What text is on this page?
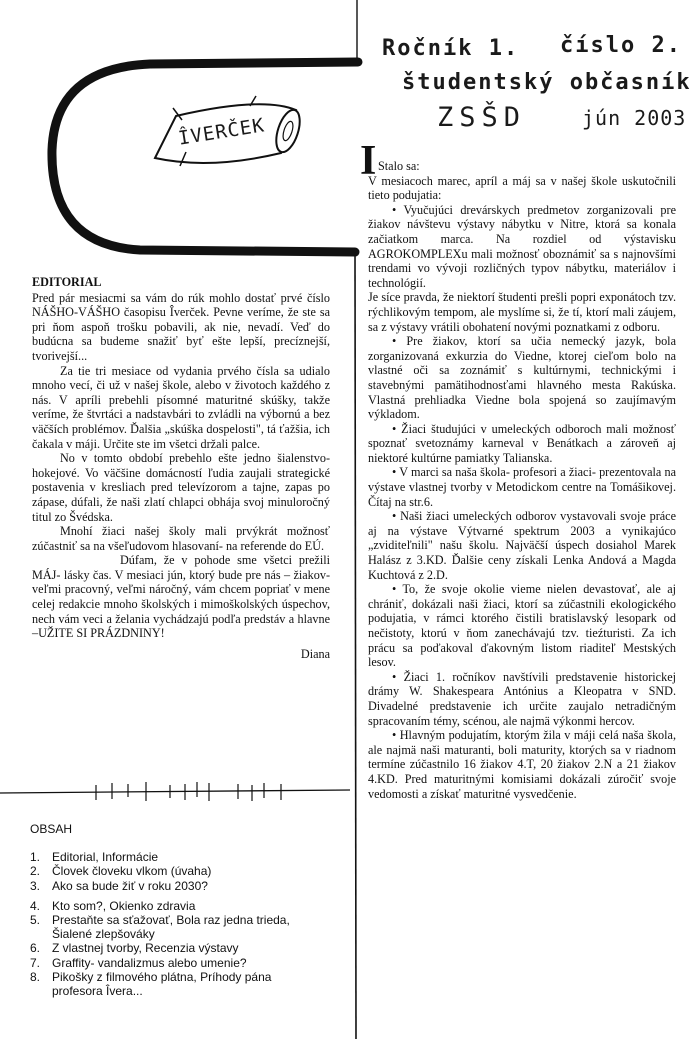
ÎVERČEK
Ročník 1. číslo 2.
študentský občasník
ZSŠD	jún 2003

EDITORIAL

Pred pár mesiacmi sa vám do rúk mohlo dostať prvé číslo NÁŠHO-VÁŠHO časopisu Îverček. Pevne veríme, že ste sa pri ňom aspoň trošku pobavili, ak nie, nevadí. Veď do budúcna sa budeme snažiť byť ešte lepší, precíznejší, tvorivejší...

Za tie tri mesiace od vydania prvého čísla sa udialo mnoho vecí, či už v našej škole, alebo v životoch každého z nás. V apríli prebehli písomné maturitné skúšky, takže veríme, že štvrtáci a nadstavbári to zvládli na výbornú a bez väčších problémov. Ďalšia „skúška dospelosti", tá ťažšia, ich čakala v máji. Určite ste im všetci držali palce.

No v tomto období prebehlo ešte jedno šialenstvo- hokejové. Vo väčšine domácností ľudia zaujali strategické postavenia v kresliach pred televízorom a tajne, zapas po zápase, dúfali, že naši zlatí chlapci obhája svoj minuloročný titul zo Švédska.

Mnohí žiaci našej školy mali prvýkrát možnosť zúčastniť sa na všeľudovom hlasovaní- na referende do EÚ.

Dúfam, že v pohode sme všetci prežili MÁJ- lásky čas. V mesiaci jún, ktorý bude pre nás – žiakov- veľmi pracovný, veľmi náročný, vám chcem popriať v mene celej redakcie mnoho školských i mimoškolských úspechov, nech vám veci a želania vychádzajú podľa predstáv a hlavne –UŽITE SI PRÁZDNINY!

Diana

OBSAH
1. Editorial, Informácie
2. Človek človeku vlkom (úvaha)
3. Ako sa bude žiť v roku 2030?
4. Kto som?, Okienko zdravia
5. Prestaňte sa sťažovať, Bola raz jedna trieda, Šialené zlepšováky
6. Z vlastnej tvorby, Recenzia výstavy
7. Graffity- vandalizmus alebo umenie?
8. Pikošky z filmového plátna, Príhody pána profesora Îvera...
I Stalo sa:

V mesiacoch marec, apríl a máj sa v našej škole uskutočnili tieto podujatia:

• Vyučujúci drevárskych predmetov zorganizovali pre žiakov návštevu výstavy nábytku v Nitre, ktorá sa konala začiatkom marca. Na rozdiel od výstavisku AGROKOMPLEXu mali možnosť oboznámiť sa s najnovšími trendami vo vývoji rozličných typov nábytku, materiálov i technológií.

Je síce pravda, že niektorí študenti prešli popri exponátoch tzv. rýchlikovým tempom, ale myslíme si, že tí, ktorí mali záujem, sa z výstavy vrátili obohatení novými poznatkami z odboru.

• Pre žiakov, ktorí sa učia nemecký jazyk, bola zorganizovaná exkurzia do Viedne, ktorej cieľom bolo na vlastné oči sa zoznámiť s kultúrnymi, technickými i stavebnými pamätihodnosťami hlavného mesta Rakúska. Vlastná prehliadka Viedne bola spojená so zaujímavým výkladom.

• Žiaci študujúci v umeleckých odboroch mali možnosť spoznať svetoznámy karneval v Benátkach a zároveň aj niektoré kultúrne pamiatky Talianska.

• V marci sa naša škola- profesori a žiaci- prezentovala na výstave vlastnej tvorby v Metodickom centre na Tomášikovej. Čítaj na str.6.

• Naši žiaci umeleckých odborov vystavovali svoje práce aj na výstave Výtvarné spektrum 2003 a vynikajúco „zviditeľnili" našu školu. Najväčší úspech dosiahol Marek Halász z 3.KD. Ďalšie ceny získali Lenka Andová a Magda Kuchtová z 2.D.

• To, že svoje okolie vieme nielen devastovať, ale aj chrániť, dokázali naši žiaci, ktorí sa zúčastnili ekologického podujatia, v rámci ktorého čistili bratislavský lesopark od nečistoty, ktorú v ňom zanechávajú tzv. tieźturisti. Za ich prácu sa poďakoval ďakovným listom riaditeľ Mestských lesov.

• Žiaci 1. ročníkov navštívili predstavenie historickej drámy W. Shakespeara Antónius a Kleopatra v SND. Divadelné predstavenie ich určite zaujalo netradičným spracovaním témy, scénou, ale najmä výkonmi hercov.

• Hlavným podujatím, ktorým žila v máji celá naša škola, ale najmä naši maturanti, boli maturity, ktorých sa v riadnom termíne zúčastnilo 16 žiakov 4.T, 20 žiakov 2.N a 21 žiakov 4.KD. Pred maturitnými komisiami dokázali zúročiť svoje vedomosti a získať maturitné vysvedčenie.
